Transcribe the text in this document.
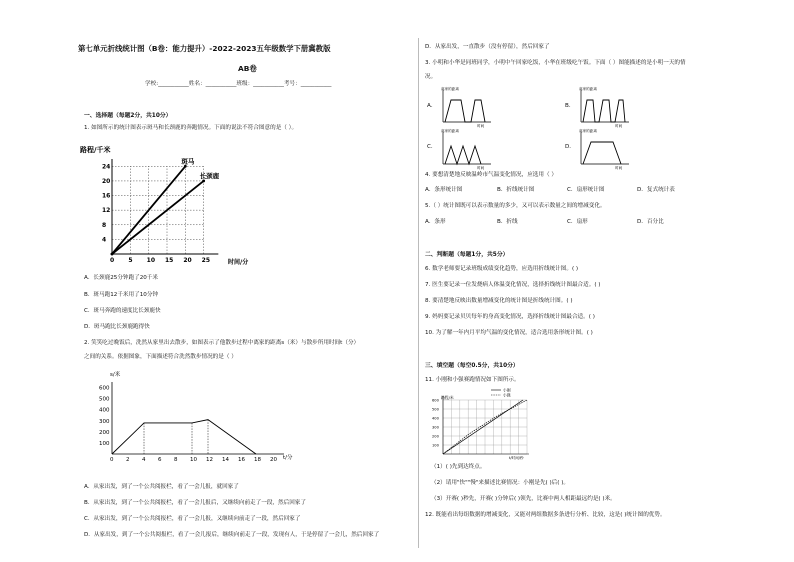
第七单元折线统计图（B卷：能力提升）-2022-2023五年级数学下册冀教版
AB卷
学校:___________姓名：___________班级：___________考号：___________
一、选择题（每题2分，共10分）
1. 如图所示的统计图表示斑马和长颈鹿的奔跑情况。下面的说法不符合图意的是（ ）。
路程/千米
时间/分
0 5 10 15 20 25
4
8
12
16
20
24
斑马
长颈鹿
A．长颈鹿25分钟跑了20千米
B．斑马跑12千米用了10分钟
C．斑马奔跑的速度比长颈鹿快
D．斑马跑比长颈鹿跑得快
2. 笑笑吃过晚饭后，洗然从家里出去散步，如图表示了他散步过程中离家的距离s（米）与散步所用时间t（分）
之间的关系。依据图象，下面描述符合洗然散步情况的是（ ）
s/米
t/分
0 2 4 6 8 10 12 14 16 18 20
100
200
300
400
500
600
A．从家出发，到了一个公共阅报栏，看了一会儿报，就回家了
B．从家出发，到了一个公共阅报栏，看了一会儿报后，又继续向前走了一段，然后回家了
C．从家出发，到了一个公共阅报栏，看了一会儿报，又继续向前走了一段，然后回家了
D．从家出发，到了一个公共阅报栏，看了一会儿报后，继续向前走了一段，发现有人，于是停留了一会儿，然后回家了
D．从家出发，一直散步（没有停留），然后回家了
3. 小明和小华是同班同学，小明中午回家吃饭，小华在班级吃午饭。下面（ ）图能描述的是小明一天的情
况。
A．
离家的距离
时间
B．
离家的距离
时间
C．
离家的距离
时间
D．
离家的距离
时间
4. 要想清楚地反映温岭市气温变化情况，应选用（ ）
A．条形统计图	B．折线统计图	C．扇形统计图	D．复式统计表
5.（ ）统计图既可以表示数量的多少，又可以表示数量之间的增减变化。
A．条形	B．折线	C．扇形	D．百分比
二、判断题（每题1分，共5分）
6. 数学老师要记录班级成绩变化趋势，应选用折线统计图。( )
7. 医生要记录一位发烧病人体温变化情况，选择折线统计图最合适。( )
8. 要清楚地反映出数量增减变化的统计图是折线统计图。( )
9. 妈妈要记录贝贝每年的身高变化情况，选择折线统计图最合适。( )
10. 为了解一年内月平均气温的变化情况，适合选用条形统计图。( )
三、填空题（每空0.5分，共10分）
11. 小刚和小强赛跑情况如下图所示。
路程/米
600
500
400
300
200
100
小刚
小强
t/时间/秒
（1）( )先到达终点。
（2）请用"快""慢"来描述比赛情况：小刚是先( )后( )。
（3）开赛( )秒先，开赛( )分钟后( )领先，比赛中两人相距最远约是( )米。
12. 既能看出每组数据的增减变化，又能对两组数据多条进行分析、比较，这是( )统计图的优势。
